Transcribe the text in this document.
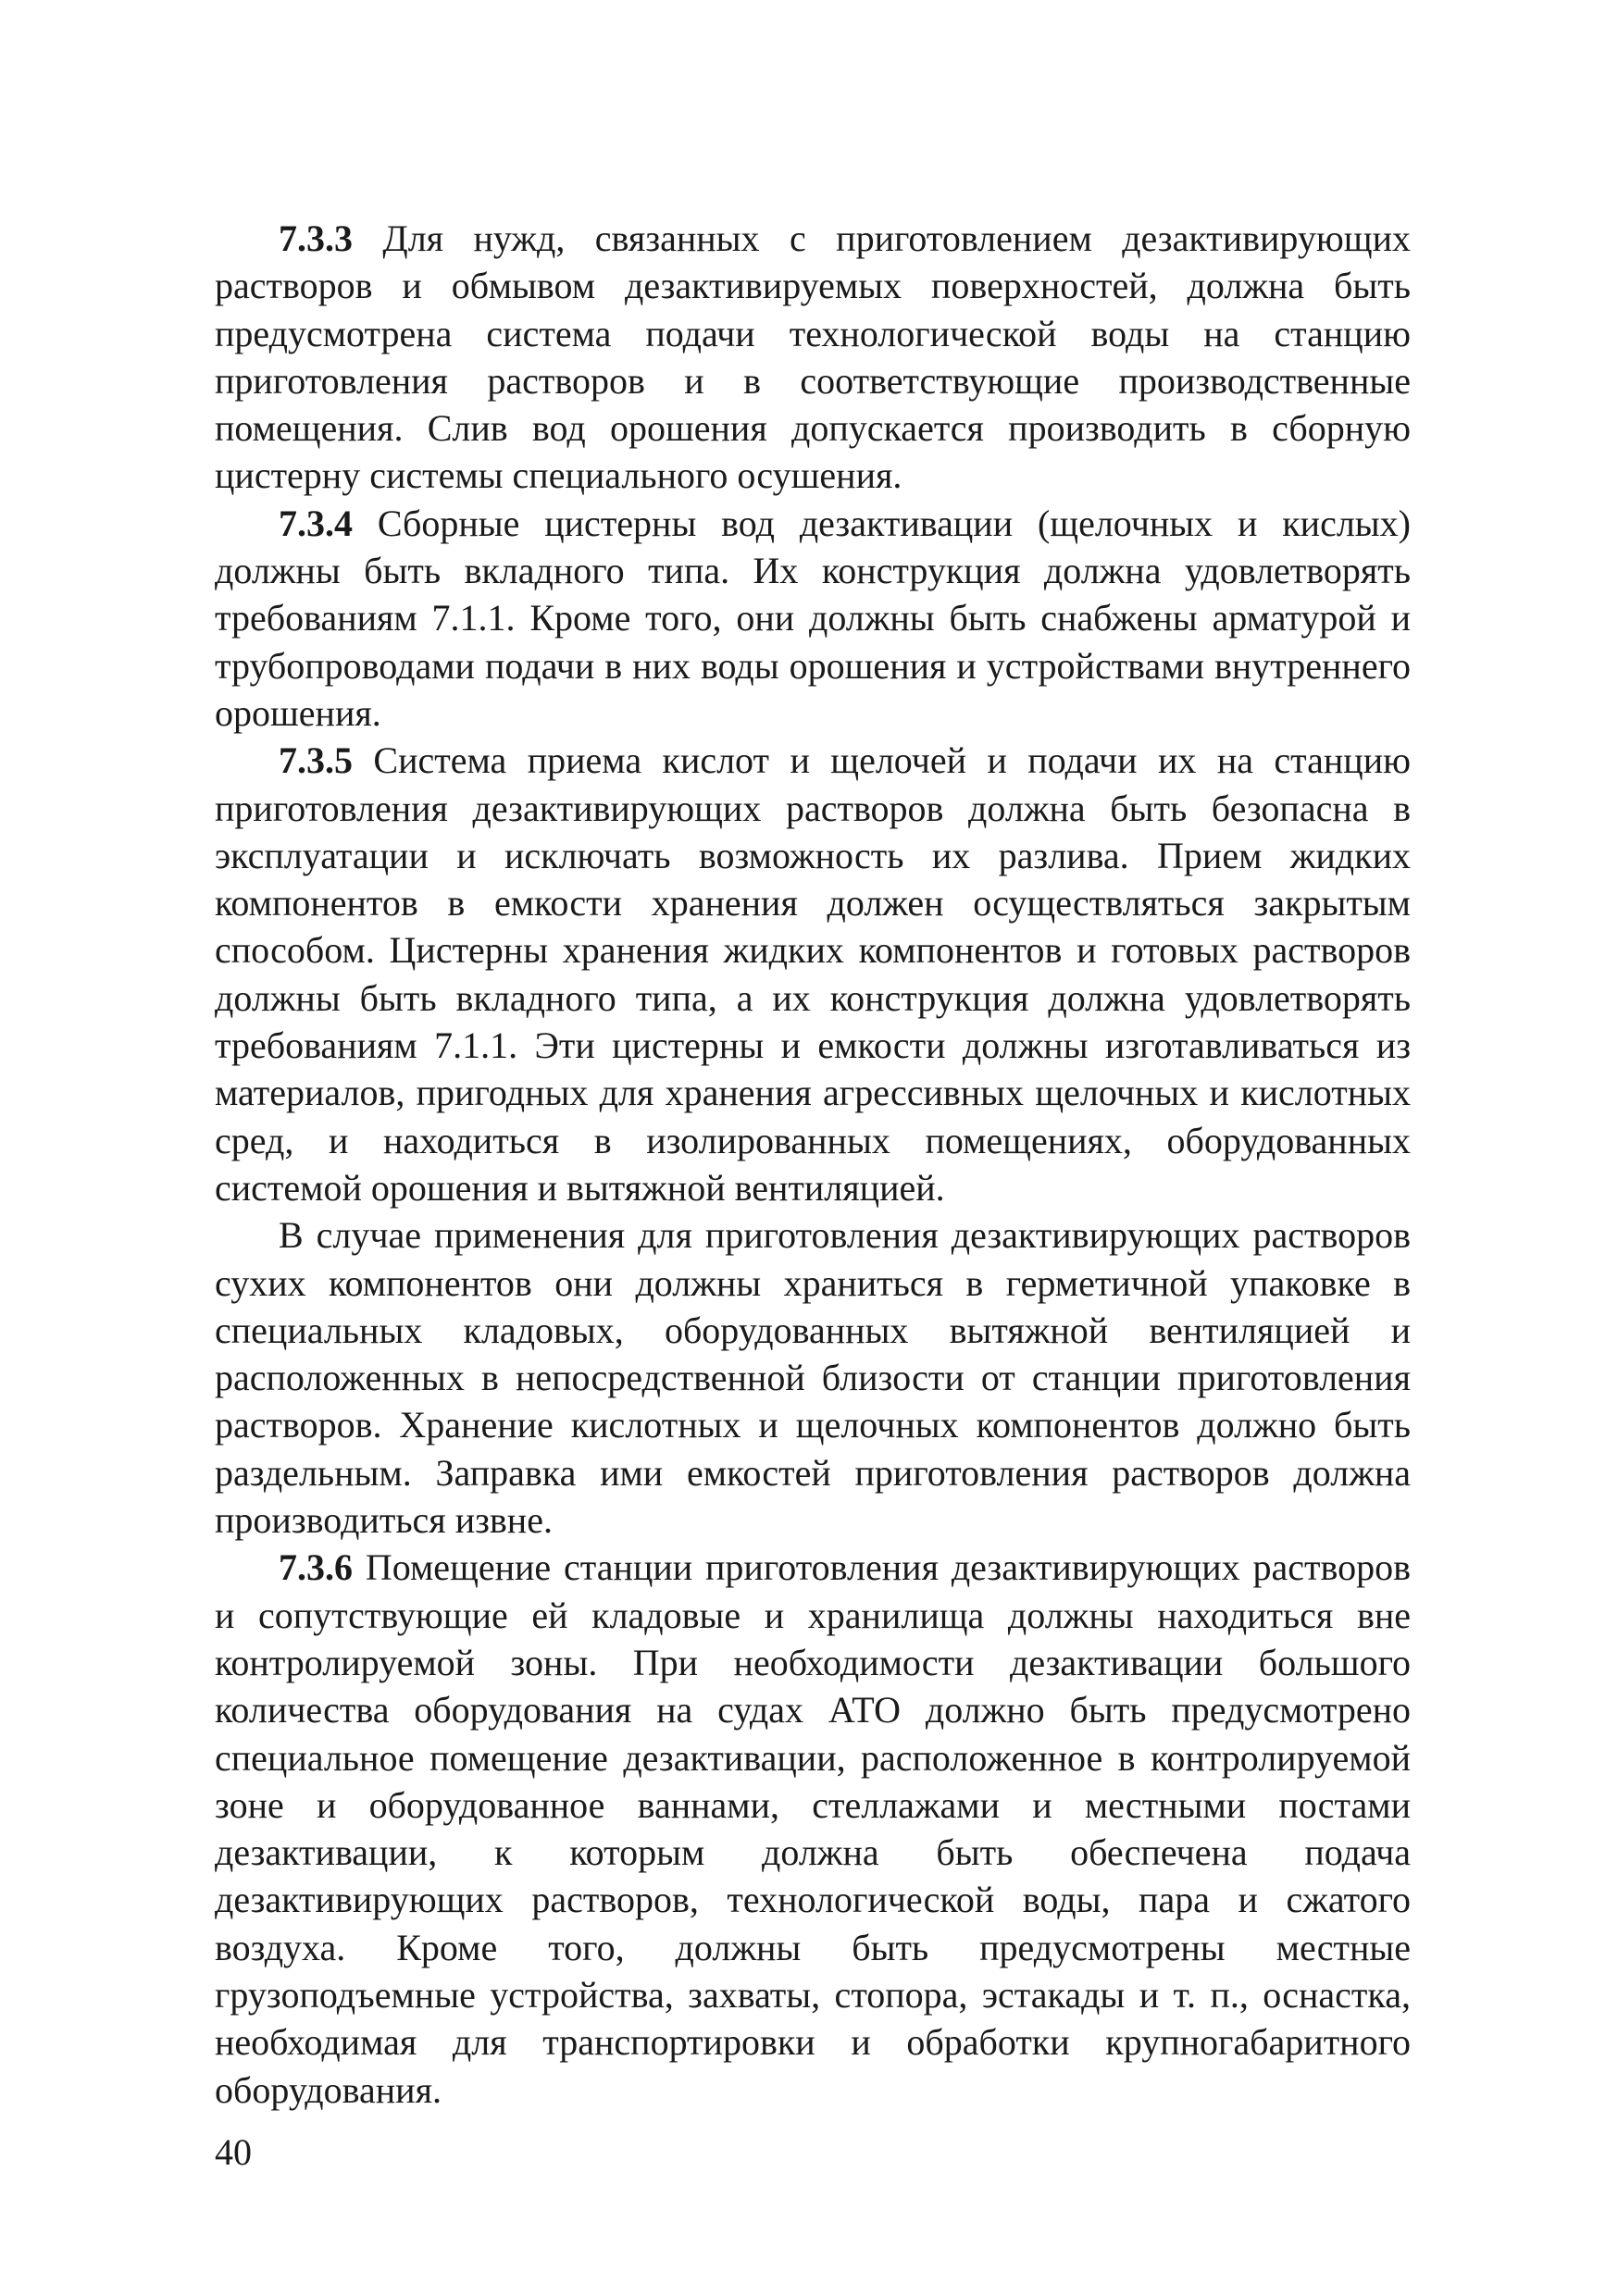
7.3.3 Для нужд, связанных с приготовлением дезактивирующих растворов и обмывом дезактивируемых поверхностей, должна быть предусмотрена система подачи технологической воды на станцию приготовления растворов и в соответствующие производственные помещения. Слив вод орошения допускается производить в сборную цистерну системы специального осушения.

7.3.4 Сборные цистерны вод дезактивации (щелочных и кислых) должны быть вкладного типа. Их конструкция должна удовлетворять требованиям 7.1.1. Кроме того, они должны быть снабжены арматурой и трубопроводами подачи в них воды орошения и устройствами внутреннего орошения.

7.3.5 Система приема кислот и щелочей и подачи их на станцию приготовления дезактивирующих растворов должна быть безопасна в эксплуатации и исключать возможность их разлива. Прием жидких компонентов в емкости хранения должен осуществляться закрытым способом. Цистерны хранения жидких компонентов и готовых растворов должны быть вкладного типа, а их конструкция должна удовлетворять требованиям 7.1.1. Эти цистерны и емкости должны изготавливаться из материалов, пригодных для хранения агрессивных щелочных и кислотных сред, и находиться в изолированных помещениях, оборудованных системой орошения и вытяжной вентиляцией.

В случае применения для приготовления дезактивирующих растворов сухих компонентов они должны храниться в герметичной упаковке в специальных кладовых, оборудованных вытяжной вентиляцией и расположенных в непосредственной близости от станции приготовления растворов. Хранение кислотных и щелочных компонентов должно быть раздельным. Заправка ими емкостей приготовления растворов должна производиться извне.

7.3.6 Помещение станции приготовления дезактивирующих растворов и сопутствующие ей кладовые и хранилища должны находиться вне контролируемой зоны. При необходимости дезактивации большого количества оборудования на судах АТО должно быть предусмотрено специальное помещение дезактивации, расположенное в контролируемой зоне и оборудованное ваннами, стеллажами и местными постами дезактивации, к которым должна быть обеспечена подача дезактивирующих растворов, технологической воды, пара и сжатого воздуха. Кроме того, должны быть предусмотрены местные грузоподъемные устройства, захваты, стопора, эстакады и т. п., оснастка, необходимая для транспортировки и обработки крупногабаритного оборудования.

40
